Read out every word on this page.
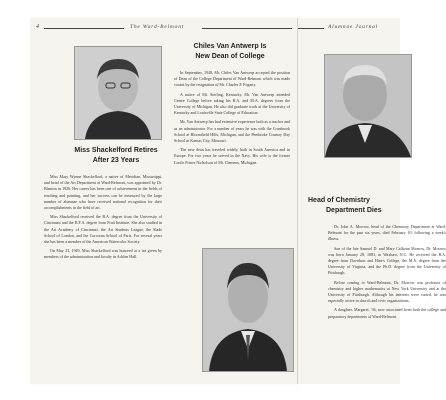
4	The Ward-Belmont
Miss Shackelford Retires
After 23 Years

Miss Mary Wynne Shackelford, a native of Meridian, Mississippi, and head of the Art Department at Ward-Belmont, was appointed by Dr. Blanton in 1926. Her career has been one of achievement in the fields of teaching and painting, and her success can be measured by the large number of alumnae who have received national recognition for their accomplishments in the field of art.

Miss Shackelford received the B.A. degree from the University of Cincinnati and the B.F.A. degree from Pratt Institute. She also studied in the Art Academy of Cincinnati, the Art Students League, the Slade School of London, and the Corcoran School of Paris. For several years she has been a member of the American Watercolor Society.

On May 23, 1949, Miss Shackelford was honored at a tea given by members of the administration and faculty in Acklen Hall.

Chiles Van Antwerp Is
New Dean of College

In September, 1948, Mr. Chiles Van Antwerp accepted the position of Dean of the College Department of Ward-Belmont which was made vacant by the resignation of Mr. Charles P. Fogarty.

A native of Mt. Sterling, Kentucky, Mr. Van Antwerp attended Centre College before taking his B.A. and M.A. degrees from the University of Michigan. He also did graduate work at the University of Kentucky and Louisville State College of Education.

Mr. Van Antwerp has had extensive experience both as a teacher and as an administrator. For a number of years he was with the Cranbrook School at Bloomfield Hills, Michigan, and the Pembroke Country Day School in Kansas City, Missouri.

The new dean has traveled widely, both in South America and in Europe. For two years he served in the Navy. His wife is the former Lucile Prince Nicholson of Mt. Clemens, Michigan.

Alumnae Journal
Head of Chemistry
Department Dies

Dr. John A. Morrow, head of the Chemistry Department at Ward-Belmont for the past six years, died February 10, following a week's illness.

Son of the late Samuel D. and Mary Calhoun Morrow, Dr. Morrow was born January 28, 1883, in Waxhaw, N.C. He received the B.A. degree from Davidson and Hine's College, the M.A. degree from the University of Virginia, and the Ph.D. degree from the University of Pittsburgh.

Before coming to Ward-Belmont, Dr. Morrow was professor of chemistry and higher mathematics at New York University and at the University of Pittsburgh. Although his interests were varied, he was especially active in church and civic organizations.

A daughter, Margaret, '36, now associated from both the college and preparatory departments of Ward-Belmont.
